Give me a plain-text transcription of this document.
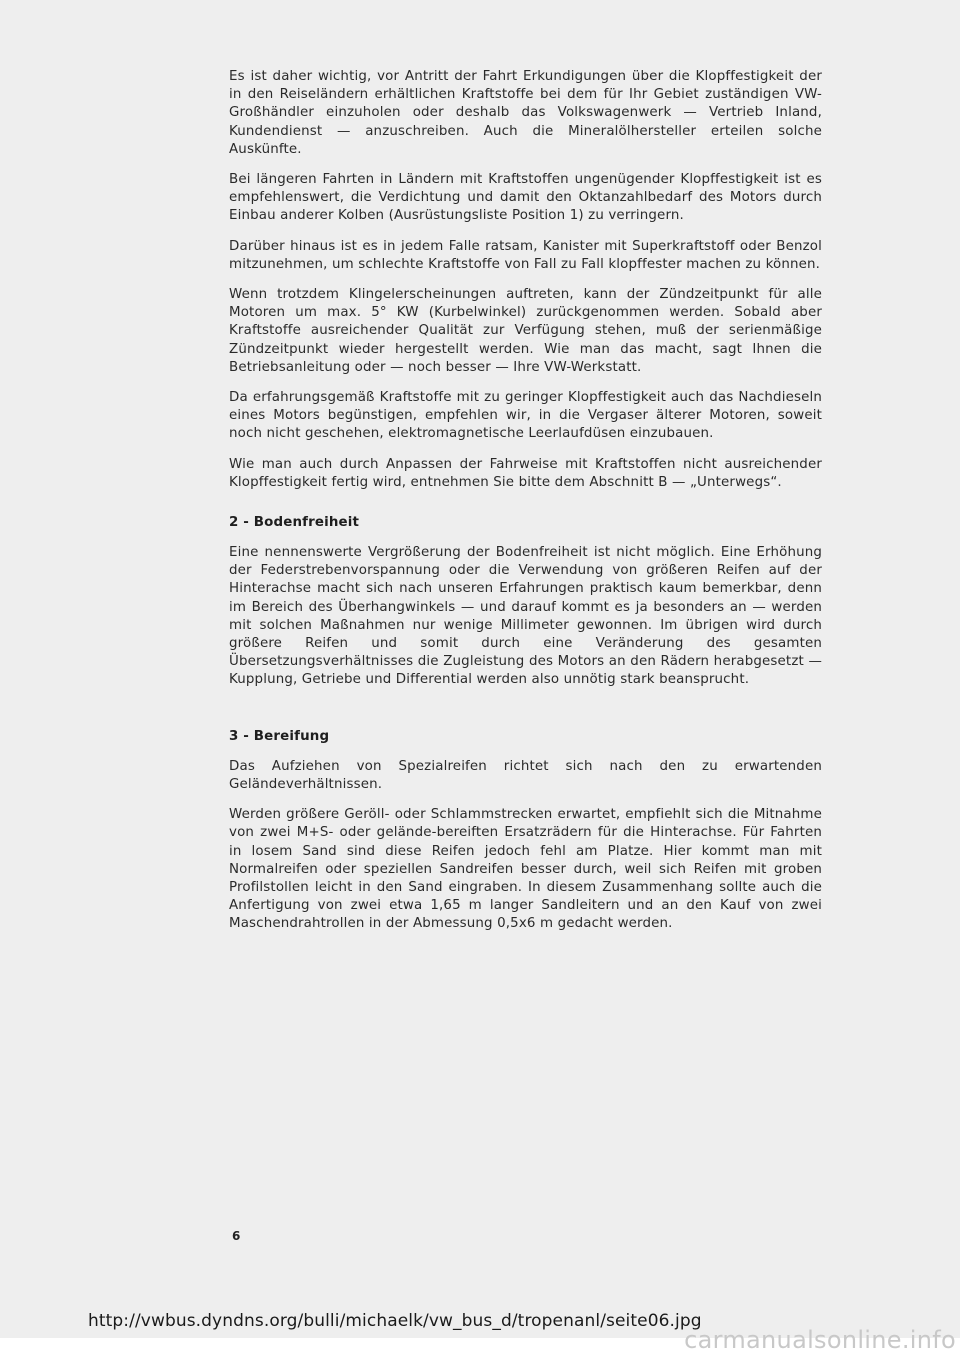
Es ist daher wichtig, vor Antritt der Fahrt Erkundigungen über die Klopffestigkeit der in den Reiseländern erhältlichen Kraftstoffe bei dem für Ihr Gebiet zuständigen VW-Großhändler einzuholen oder deshalb das Volkswagenwerk — Vertrieb Inland, Kundendienst — anzuschreiben. Auch die Mineralölhersteller erteilen solche Auskünfte.

Bei längeren Fahrten in Ländern mit Kraftstoffen ungenügender Klopffestigkeit ist es empfehlenswert, die Verdichtung und damit den Oktanzahlbedarf des Motors durch Einbau anderer Kolben (Ausrüstungsliste Position 1) zu verringern.

Darüber hinaus ist es in jedem Falle ratsam, Kanister mit Superkraftstoff oder Benzol mitzunehmen, um schlechte Kraftstoffe von Fall zu Fall klopffester machen zu können.

Wenn trotzdem Klingelerscheinungen auftreten, kann der Zündzeitpunkt für alle Motoren um max. 5° KW (Kurbelwinkel) zurückgenommen werden. Sobald aber Kraftstoffe ausreichender Qualität zur Verfügung stehen, muß der serienmäßige Zündzeitpunkt wieder hergestellt werden. Wie man das macht, sagt Ihnen die Betriebsanleitung oder — noch besser — Ihre VW-Werkstatt.

Da erfahrungsgemäß Kraftstoffe mit zu geringer Klopffestigkeit auch das Nachdieseln eines Motors begünstigen, empfehlen wir, in die Vergaser älterer Motoren, soweit noch nicht geschehen, elektromagnetische Leerlaufdüsen einzubauen.

Wie man auch durch Anpassen der Fahrweise mit Kraftstoffen nicht ausreichender Klopffestigkeit fertig wird, entnehmen Sie bitte dem Abschnitt B — „Unterwegs“.

2 - Bodenfreiheit

Eine nennenswerte Vergrößerung der Bodenfreiheit ist nicht möglich. Eine Erhöhung der Federstrebenvorspannung oder die Verwendung von größeren Reifen auf der Hinterachse macht sich nach unseren Erfahrungen praktisch kaum bemerkbar, denn im Bereich des Überhangwinkels — und darauf kommt es ja besonders an — werden mit solchen Maßnahmen nur wenige Millimeter gewonnen. Im übrigen wird durch größere Reifen und somit durch eine Veränderung des gesamten Übersetzungsverhältnisses die Zugleistung des Motors an den Rädern herabgesetzt — Kupplung, Getriebe und Differential werden also unnötig stark beansprucht.

3 - Bereifung

Das Aufziehen von Spezialreifen richtet sich nach den zu erwartenden Geländeverhältnissen.

Werden größere Geröll- oder Schlammstrecken erwartet, empfiehlt sich die Mitnahme von zwei M+S- oder gelände-bereiften Ersatzrädern für die Hinterachse. Für Fahrten in losem Sand sind diese Reifen jedoch fehl am Platze. Hier kommt man mit Normalreifen oder speziellen Sandreifen besser durch, weil sich Reifen mit groben Profilstollen leicht in den Sand eingraben. In diesem Zusammenhang sollte auch die Anfertigung von zwei etwa 1,65 m langer Sandleitern und an den Kauf von zwei Maschendrahtrollen in der Abmessung 0,5x6 m gedacht werden.

6
http://vwbus.dyndns.org/bulli/michaelk/vw_bus_d/tropenanl/seite06.jpg
carmanualsonline.info
